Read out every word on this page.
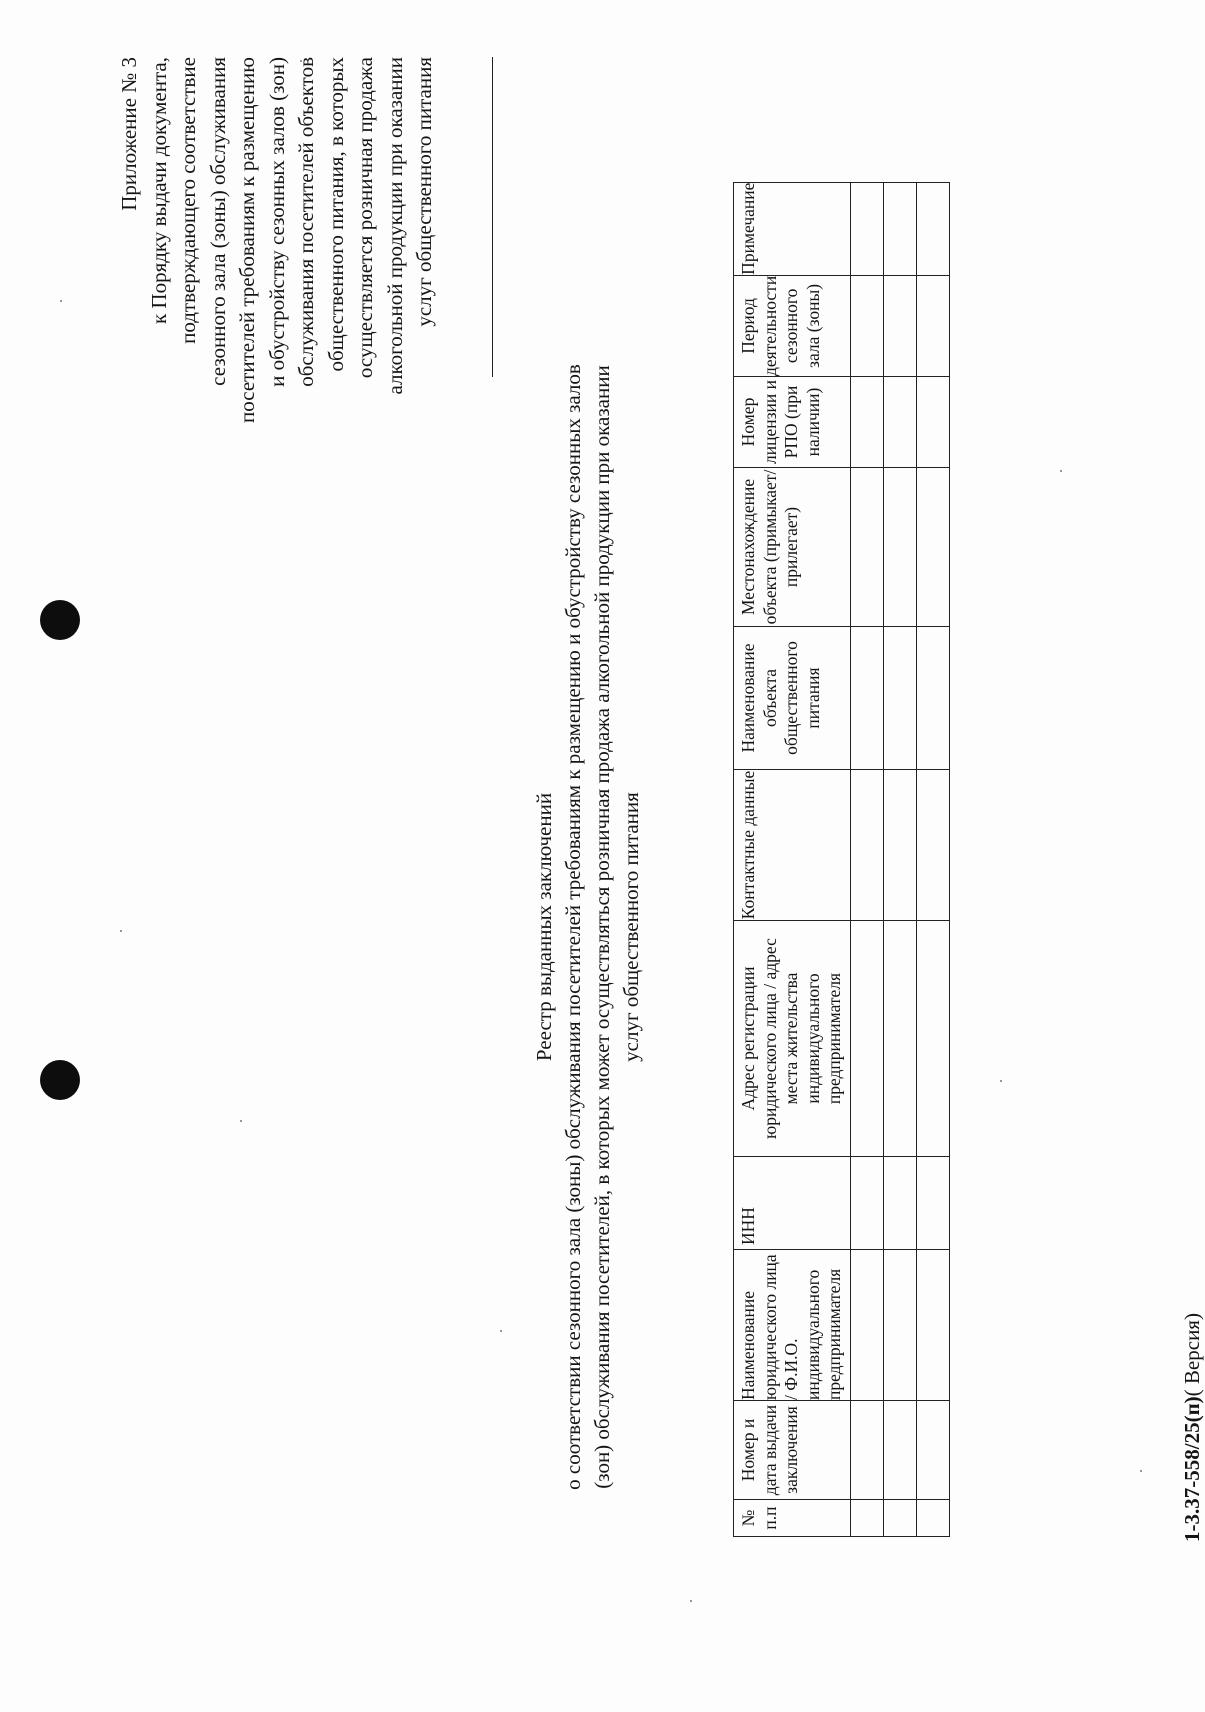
Приложение № 3 к Порядку выдачи документа, подтверждающего соответствие сезонного зала (зоны) обслуживания посетителей требованиям к размещению и обустройству сезонных залов (зон) обслуживания посетителей объектов общественного питания, в которых осуществляется розничная продажа алкогольной продукции при оказании услуг общественного питания
Реестр выданных заключений о соответствии сезонного зала (зоны) обслуживания посетителей требованиям к размещению и обустройству сезонных залов (зон) обслуживания посетителей, в которых может осуществляться розничная продажа алкогольной продукции при оказании услуг общественного питания
№ п.п	Номер и дата выдачи заключения	Наименование юридического лица / Ф.И.О. индивидуального предпринимателя	ИНН	Адрес регистрации юридического лица / адрес места жительства индивидуального предпринимателя	Контактные данные	Наименование объекта общественного питания	Местонахождение объекта (примыкает/прилегает)	Номер лицензии и РПО (при наличии)	Период деятельности сезонного зала (зоны)	Примечание

1-3.37-558/25(п)( Версия)
